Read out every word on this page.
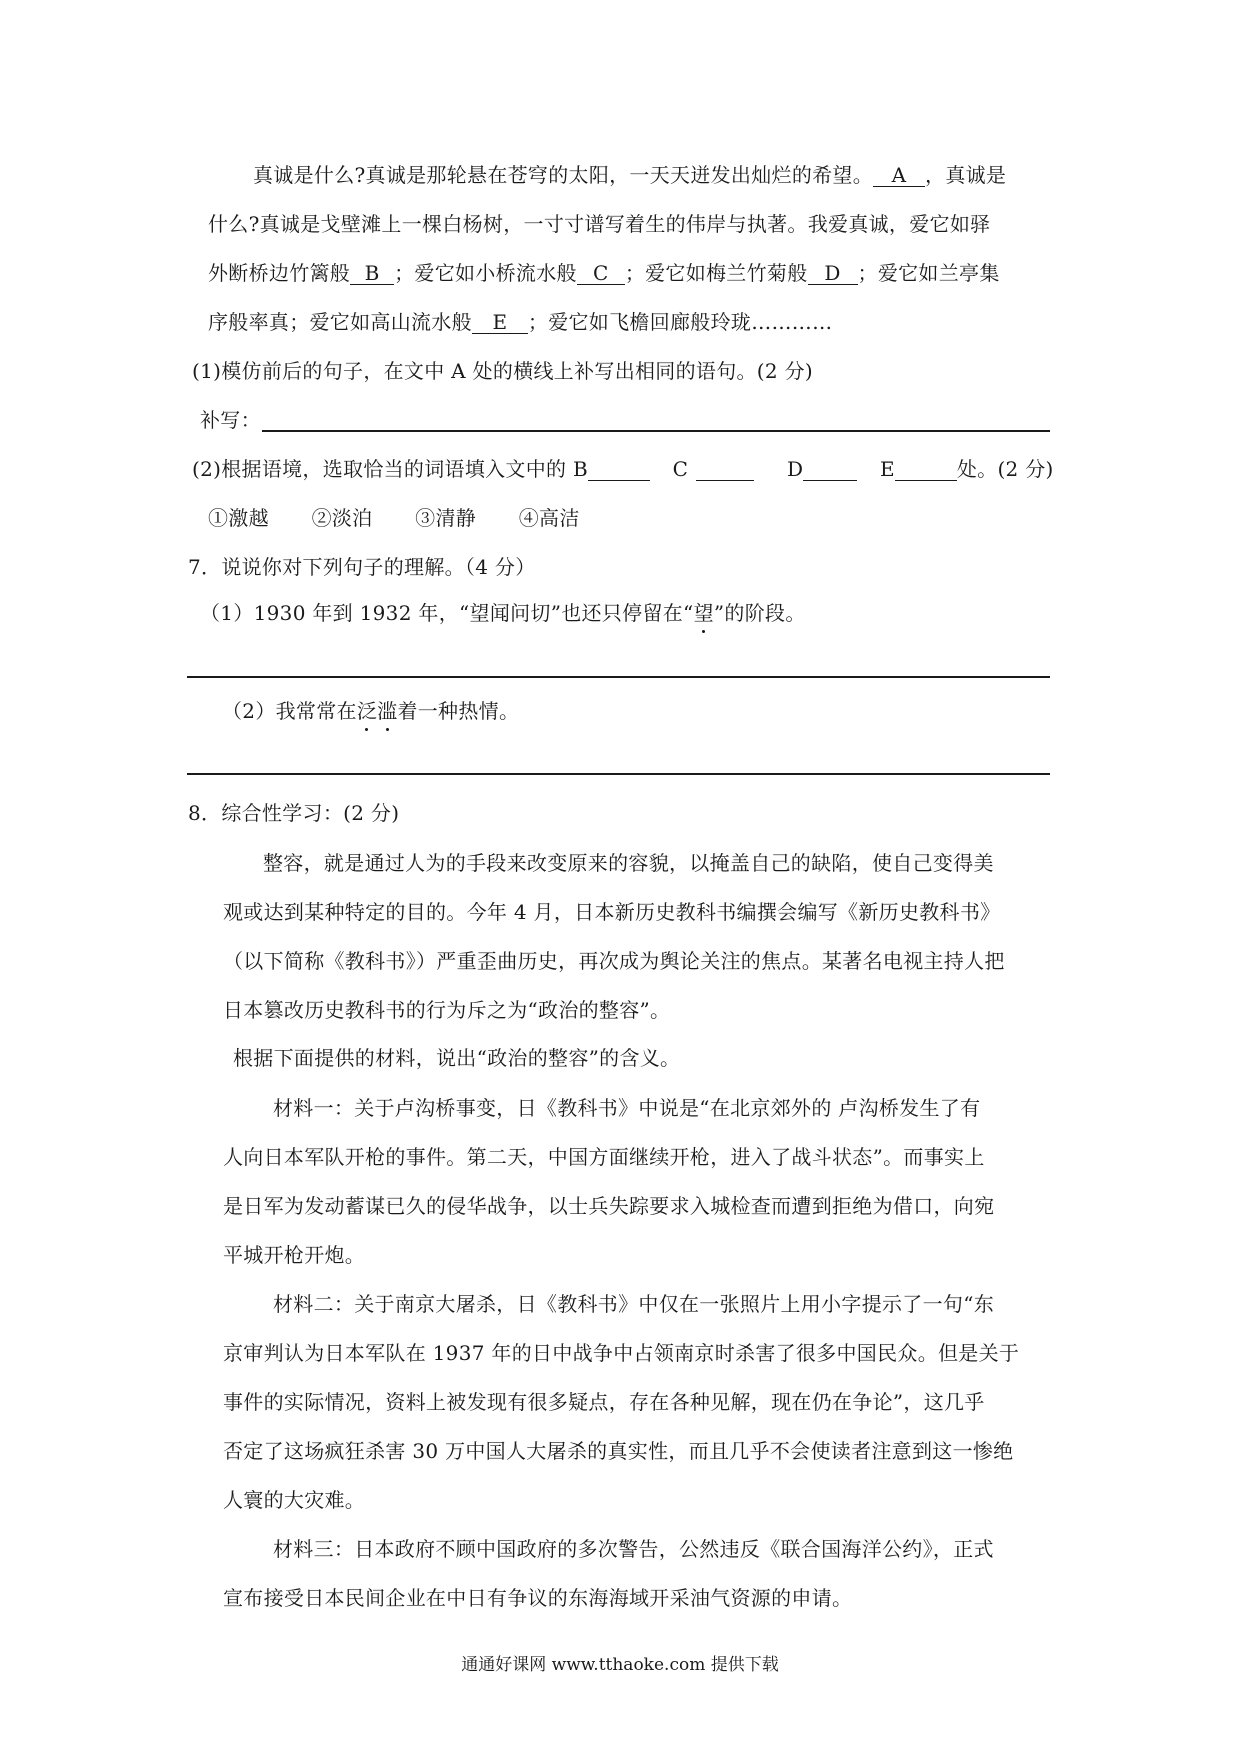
真诚是什么?真诚是那轮悬在苍穹的太阳，一天天迸发出灿烂的希望。 A ，真诚是
什么?真诚是戈壁滩上一棵白杨树，一寸寸谱写着生的伟岸与执著。我爱真诚，爱它如驿
外断桥边竹篱般 B ；爱它如小桥流水般 C ；爱它如梅兰竹菊般 D ；爱它如兰亭集
序般率真；爱它如高山流水般 E ；爱它如飞檐回廊般玲珑…………
(1)模仿前后的句子，在文中 A 处的横线上补写出相同的语句。(2 分)
补写：
(2)根据语境，选取恰当的词语填入文中的 B	C	D	E	处。(2 分)
①激越 ②淡泊 ③清静 ④高洁
7．说说你对下列句子的理解。（4 分）
（1）1930 年到 1932 年，“望闻问切”也还只停留在“望”的阶段。
（2）我常常在泛滥着一种热情。
8．综合性学习：(2 分)
整容，就是通过人为的手段来改变原来的容貌，以掩盖自己的缺陷，使自己变得美
观或达到某种特定的目的。今年 4 月，日本新历史教科书编撰会编写《新历史教科书》
（以下简称《教科书》）严重歪曲历史，再次成为舆论关注的焦点。某著名电视主持人把
日本篡改历史教科书的行为斥之为“政治的整容”。
根据下面提供的材料，说出“政治的整容”的含义。
材料一：关于卢沟桥事变，日《教科书》中说是“在北京郊外的 卢沟桥发生了有
人向日本军队开枪的事件。第二天，中国方面继续开枪，进入了战斗状态”。而事实上
是日军为发动蓄谋已久的侵华战争，以士兵失踪要求入城检查而遭到拒绝为借口，向宛
平城开枪开炮。
材料二：关于南京大屠杀，日《教科书》中仅在一张照片上用小字提示了一句“东
京审判认为日本军队在 1937 年的日中战争中占领南京时杀害了很多中国民众。但是关于
事件的实际情况，资料上被发现有很多疑点，存在各种见解，现在仍在争论”，这几乎
否定了这场疯狂杀害 30 万中国人大屠杀的真实性，而且几乎不会使读者注意到这一惨绝
人寰的大灾难。
材料三：日本政府不顾中国政府的多次警告，公然违反《联合国海洋公约》，正式
宣布接受日本民间企业在中日有争议的东海海域开采油气资源的申请。
通通好课网 www.tthaoke.com 提供下载
